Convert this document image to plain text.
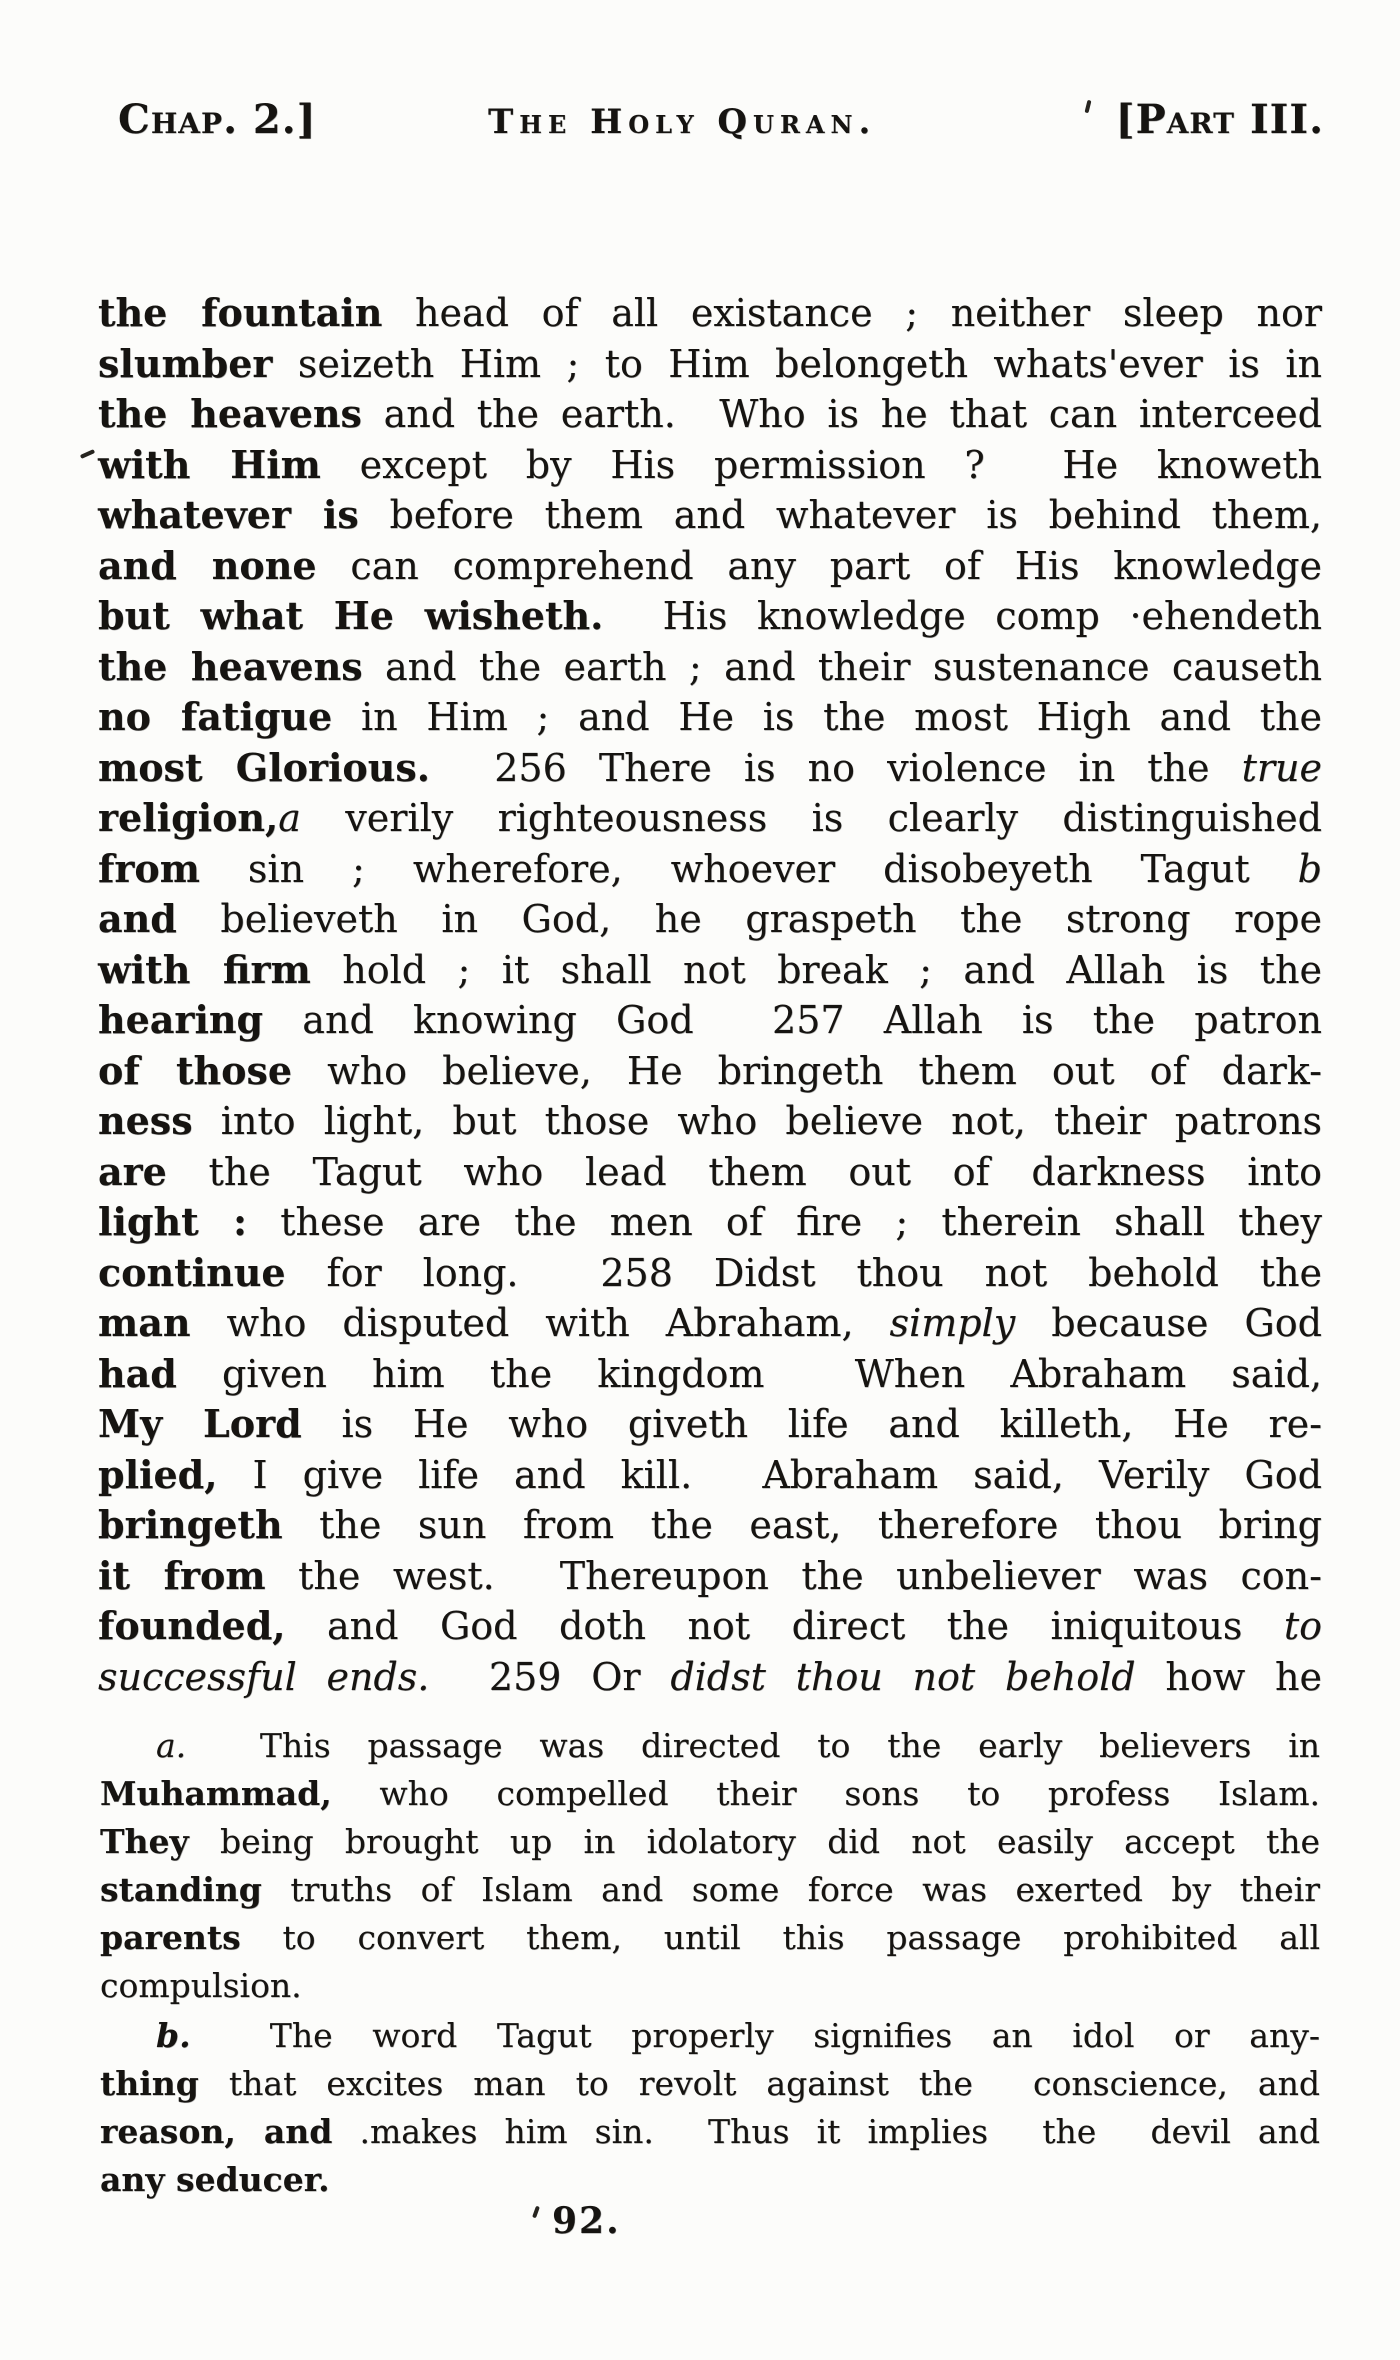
Chap. 2.]	The Holy Quran.	[Part III.
the fountain head of all existance ; neither sleep nor
slumber seizeth Him ; to Him belongeth whats'ever is in
the heavens and the earth.  Who is he that can interceed
with Him except by His permission ?  He knoweth
whatever is before them and whatever is behind them,
and none can comprehend any part of His knowledge
but what He wisheth.  His knowledge comp ·ehendeth
the heavens and the earth ; and their sustenance causeth
no fatigue in Him ; and He is the most High and the
most Glorious.  256 There is no violence in the true
religion,a verily righteousness is clearly distinguished
from sin ; wherefore, whoever disobeyeth Tagut b
and believeth in God, he graspeth the strong rope
with firm hold ; it shall not break ; and Allah is the
hearing and knowing God  257 Allah is the patron
of those who believe, He bringeth them out of dark-
ness into light, but those who believe not, their patrons
are the Tagut who lead them out of darkness into
light : these are the men of fire ; therein shall they
continue for long.  258 Didst thou not behold the
man who disputed with Abraham, simply because God
had given him the kingdom  When Abraham said,
My Lord is He who giveth life and killeth, He re-
plied, I give life and kill.  Abraham said, Verily God
bringeth the sun from the east, therefore thou bring
it from the west.  Thereupon the unbeliever was con-
founded, and God doth not direct the iniquitous to
successful ends.  259 Or didst thou not behold how he
a.  This passage was directed to the early believers in
Muhammad, who compelled their sons to profess Islam.
They being brought up in idolatory did not easily accept the
standing truths of Islam and some force was exerted by their
parents to convert them, until this passage prohibited all
compulsion.
b.  The word Tagut properly signifies an idol or any-
thing that excites man to revolt against the  conscience, and
reason, and .makes him sin.  Thus it implies  the  devil and
any seducer.
92.
